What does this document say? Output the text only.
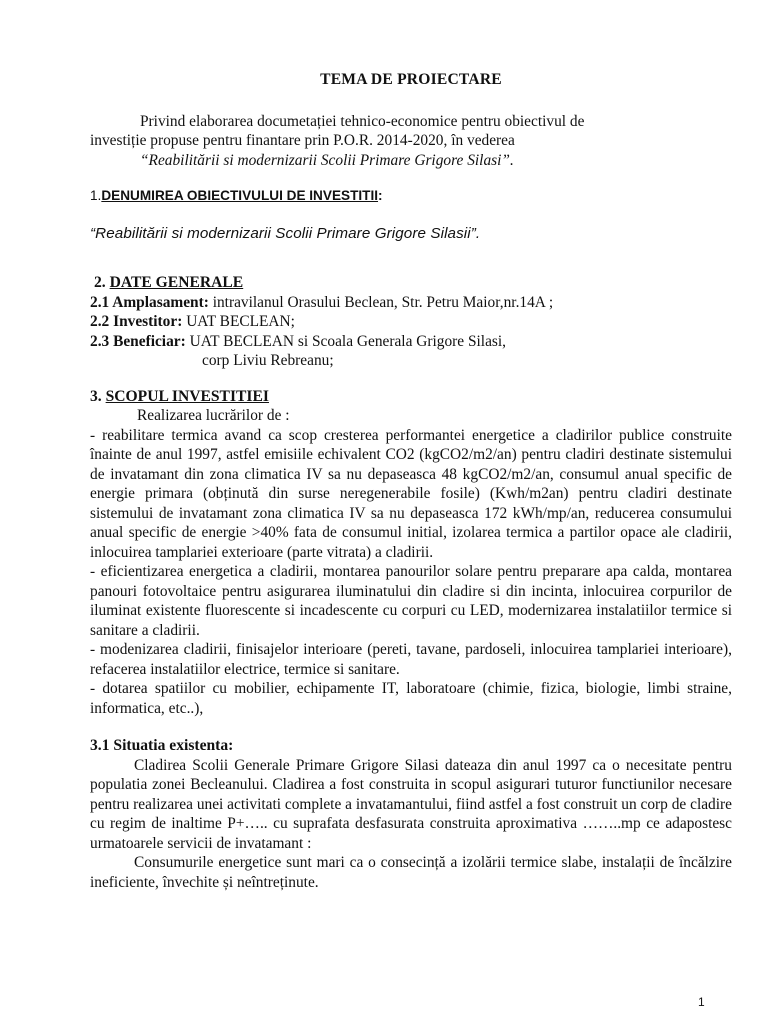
TEMA DE PROIECTARE

Privind elaborarea documetației tehnico-economice pentru obiectivul de
investiție propuse pentru finantare prin P.O.R. 2014-2020, în vederea
“Reabilitării si modernizarii Scolii Primare Grigore Silasi”.

1.DENUMIREA OBIECTIVULUI DE INVESTITII:
“Reabilitării si modernizarii Scolii Primare Grigore Silasii”.
2. DATE GENERALE

2.1 Amplasament: intravilanul Orasului Beclean, Str. Petru Maior,nr.14A ;

2.2 Investitor: UAT BECLEAN;

2.3 Beneficiar: UAT BECLEAN si Scoala Generala Grigore Silasi,

corp Liviu Rebreanu;

3. SCOPUL INVESTITIEI

Realizarea lucrărilor de :

- reabilitare termica avand ca scop cresterea performantei energetice a cladirilor publice construite înainte de anul 1997, astfel emisiile echivalent CO2 (kgCO2/m2/an) pentru cladiri destinate sistemului de invatamant din zona climatica IV sa nu depaseasca 48 kgCO2/m2/an, consumul anual specific de energie primara (obținută din surse neregenerabile fosile) (Kwh/m2an) pentru cladiri destinate sistemului de invatamant zona climatica IV sa nu depaseasca 172 kWh/mp/an, reducerea consumului anual specific de energie >40% fata de consumul initial, izolarea termica a partilor opace ale cladirii, inlocuirea tamplariei exterioare (parte vitrata) a cladirii.

- eficientizarea energetica a cladirii, montarea panourilor solare pentru preparare apa calda, montarea panouri fotovoltaice pentru asigurarea iluminatului din cladire si din incinta, inlocuirea corpurilor de iluminat existente fluorescente si incadescente cu corpuri cu LED, modernizarea instalatiilor termice si sanitare a cladirii.

- modenizarea cladirii, finisajelor interioare (pereti, tavane, pardoseli, inlocuirea tamplariei interioare), refacerea instalatiilor electrice, termice si sanitare.

- dotarea spatiilor cu mobilier, echipamente IT, laboratoare (chimie, fizica, biologie, limbi straine, informatica, etc..),

3.1 Situatia existenta:

Cladirea Scolii Generale Primare Grigore Silasi dateaza din anul 1997 ca o necesitate pentru populatia zonei Becleanului. Cladirea a fost construita in scopul asigurari tuturor functiunilor necesare pentru realizarea unei activitati complete a invatamantului, fiind astfel a fost construit un corp de cladire cu regim de inaltime P+….. cu suprafata desfasurata construita aproximativa ……..mp ce adapostesc urmatoarele servicii de invatamant :

Consumurile energetice sunt mari ca o consecință a izolării termice slabe, instalații de încălzire ineficiente, învechite și neîntreținute.

1
